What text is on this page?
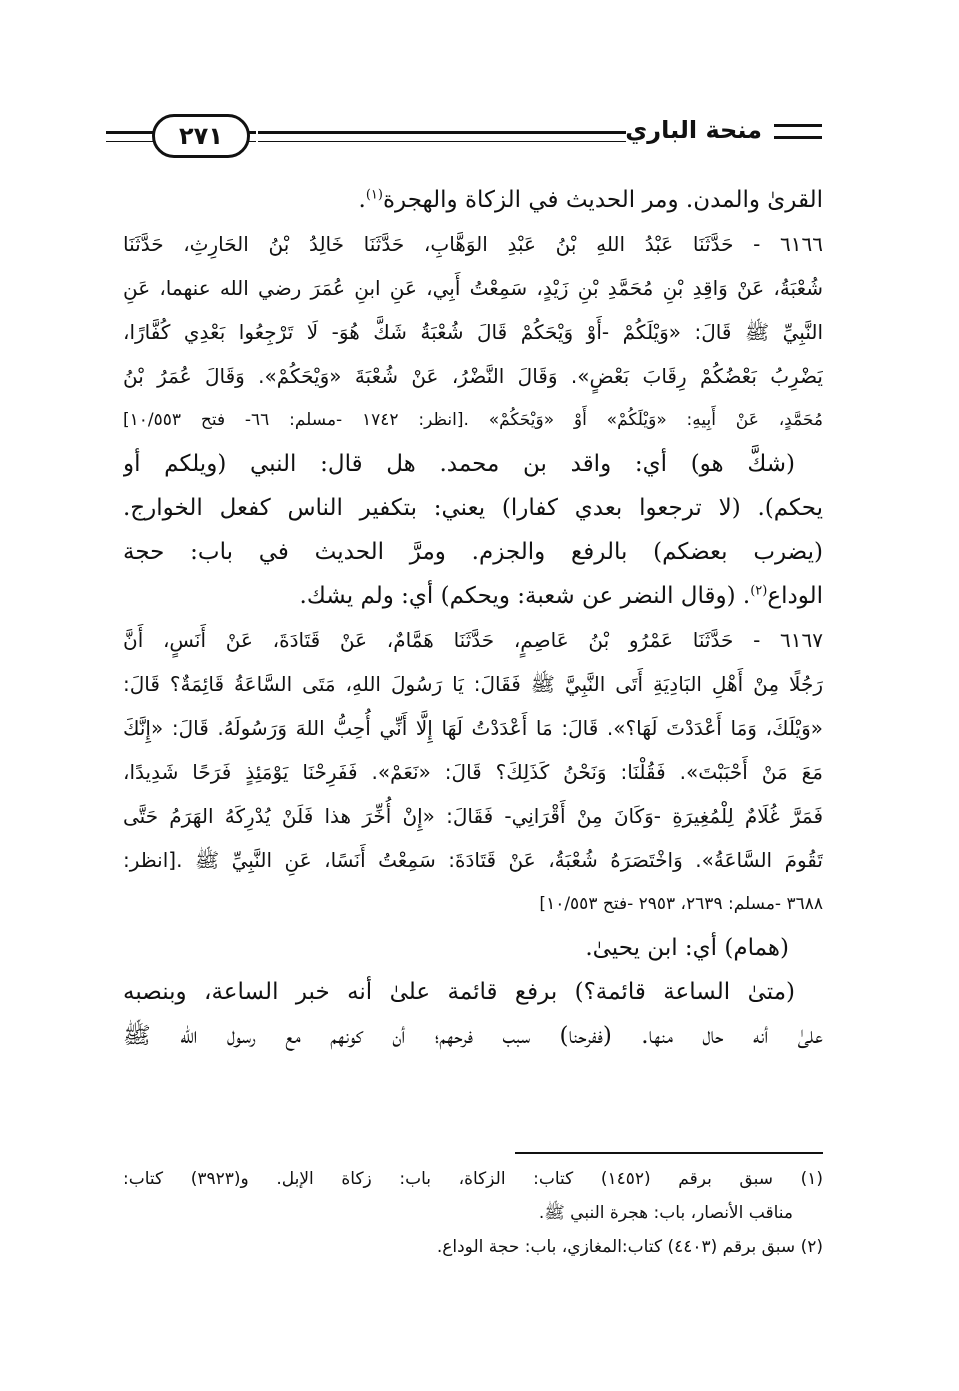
٢٧١	منحة الباري
القرىٰ والمدن. ومر الحديث في الزكاة والهجرة$^{(١)}$.
٦١٦٦ - حَدَّثَنَا عَبْدُ اللهِ بْنُ عَبْدِ الوَهَّابِ، حَدَّثَنَا خَالِدُ بْنُ الحَارِثِ، حَدَّثَنَا
شُعْبَةُ، عَنْ وَاقِدِ بْنِ مُحَمَّدِ بْنِ زَيْدٍ، سَمِعْتُ أَبِي، عَنِ ابنِ عُمَرَ رضي الله عنهما، عَنِ
النَّبِيِّ ﷺ قَالَ: «وَيْلَكُمْ -أَوْ وَيْحَكُمْ قَالَ شُعْبَةُ شَكَّ هُوَ- لَا تَرْجِعُوا بَعْدِي كُفَّارًا،
يَضْرِبُ بَعْضُكُمْ رِقَابَ بَعْضٍ». وَقَالَ النَّضْرُ، عَنْ شُعْبَةَ «وَيْحَكُمْ». وَقَالَ عُمَرُ بْنُ
مُحَمَّدٍ، عَنْ أَبِيهِ: «وَيْلَكُمْ» أَوْ «وَيْحَكُمْ» .[انظر: ١٧٤٢ -مسلم: ٦٦- فتح ١٠/٥٥٣]
(شكَّ هو) أي: واقد بن محمد. هل قال: النبي (ويلكم أو
يحكم). (لا ترجعوا بعدي كفارا) يعني: بتكفير الناس كفعل الخوارج.
(يضرب بعضكم) بالرفع والجزم. ومرَّ الحديث في باب: حجة
الوداع$^{(٢)}$. (وقال النضر عن شعبة: ويحكم) أي: ولم يشك.
٦١٦٧ - حَدَّثَنَا عَمْرُو بْنُ عَاصِمٍ، حَدَّثَنَا هَمَّامٌ، عَنْ قَتَادَةَ، عَنْ أَنَسٍ، أَنَّ
رَجُلًا مِنْ أَهْلِ البَادِيَةِ أَتَى النَّبِيَّ ﷺ فَقَالَ: يَا رَسُولَ اللهِ، مَتَى السَّاعَةُ قَائِمَةٌ؟ قَالَ:
«وَيْلَكَ، وَمَا أَعْدَدْتَ لَهَا؟». قَالَ: مَا أَعْدَدْتُ لَهَا إِلَّا أَنِّي أُحِبُّ اللهَ وَرَسُولَهُ. قَالَ: «إِنَّكَ
مَعَ مَنْ أَحْبَبْتَ». فَقُلْنَا: وَنَحْنُ كَذَلِكَ؟ قَالَ: «نَعَمْ». فَفَرِحْنَا يَوْمَئِذٍ فَرَحًا شَدِيدًا،
فَمَرَّ غُلَامٌ لِلْمُغِيرَةِ -وَكَانَ مِنْ أَقْرَانِي- فَقَالَ: «إِنْ أُخِّرَ هذا فَلَنْ يُدْرِكَهُ الهَرَمُ حَتَّى
تَقُومَ السَّاعَةُ». وَاخْتَصَرَهُ شُعْبَةُ، عَنْ قَتَادَةَ: سَمِعْتُ أَنَسًا، عَنِ النَّبِيِّ ﷺ .[انظر:
٣٦٨٨ -مسلم: ٢٦٣٩، ٢٩٥٣ -فتح ١٠/٥٥٣]
(همام) أي: ابن يحيىٰ.
(متىٰ الساعة قائمة؟) برفع قائمة علىٰ أنه خبر الساعة، وبنصبه
علىٰ أنه حال منها. (ففرحنا) سبب فرحهم؛ أن كونهم مع رسول الله ﷺ
(١) سبق برقم (١٤٥٢) كتاب: الزكاة، باب: زكاة الإبل. و(٣٩٢٣) كتاب:
مناقب الأنصار، باب: هجرة النبي ﷺ.
(٢) سبق برقم (٤٤٠٣) كتاب:المغازي، باب: حجة الوداع.
